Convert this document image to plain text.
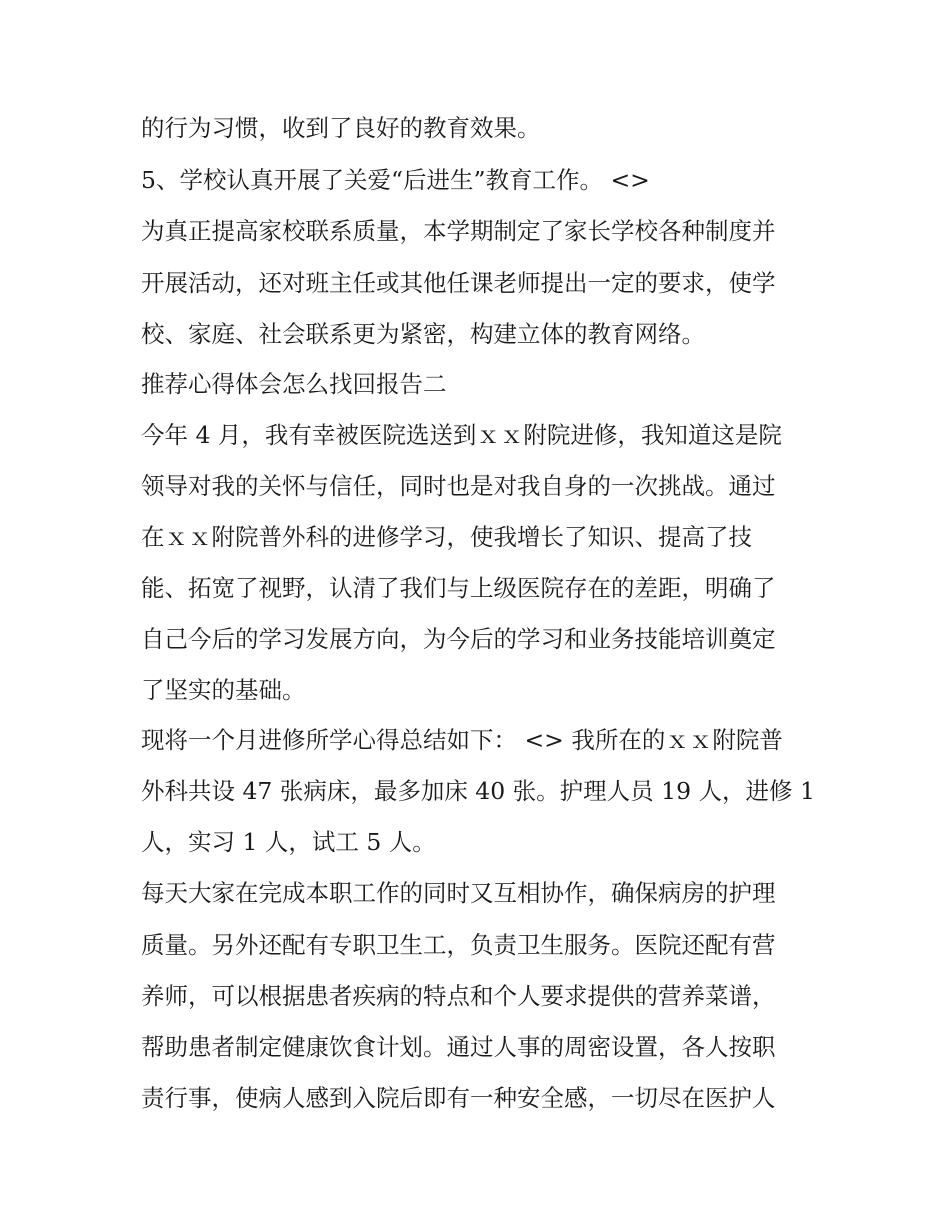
的行为习惯，收到了良好的教育效果。

5、学校认真开展了关爱“后进生”教育工作。 <>

为真正提高家校联系质量，本学期制定了家长学校各种制度并

开展活动，还对班主任或其他任课老师提出一定的要求，使学

校、家庭、社会联系更为紧密，构建立体的教育网络。

推荐心得体会怎么找回报告二

今年 4 月，我有幸被医院选送到ｘｘ附院进修，我知道这是院

领导对我的关怀与信任，同时也是对我自身的一次挑战。通过

在ｘｘ附院普外科的进修学习，使我增长了知识、提高了技

能、拓宽了视野，认清了我们与上级医院存在的差距，明确了

自己今后的学习发展方向，为今后的学习和业务技能培训奠定

了坚实的基础。

现将一个月进修所学心得总结如下： <> 我所在的ｘｘ附院普

外科共设 47 张病床，最多加床 40 张。护理人员 19 人，进修 1

人，实习 1 人，试工 5 人。

每天大家在完成本职工作的同时又互相协作，确保病房的护理

质量。另外还配有专职卫生工，负责卫生服务。医院还配有营

养师，可以根据患者疾病的特点和个人要求提供的营养菜谱，

帮助患者制定健康饮食计划。通过人事的周密设置，各人按职

责行事，使病人感到入院后即有一种安全感，一切尽在医护人
